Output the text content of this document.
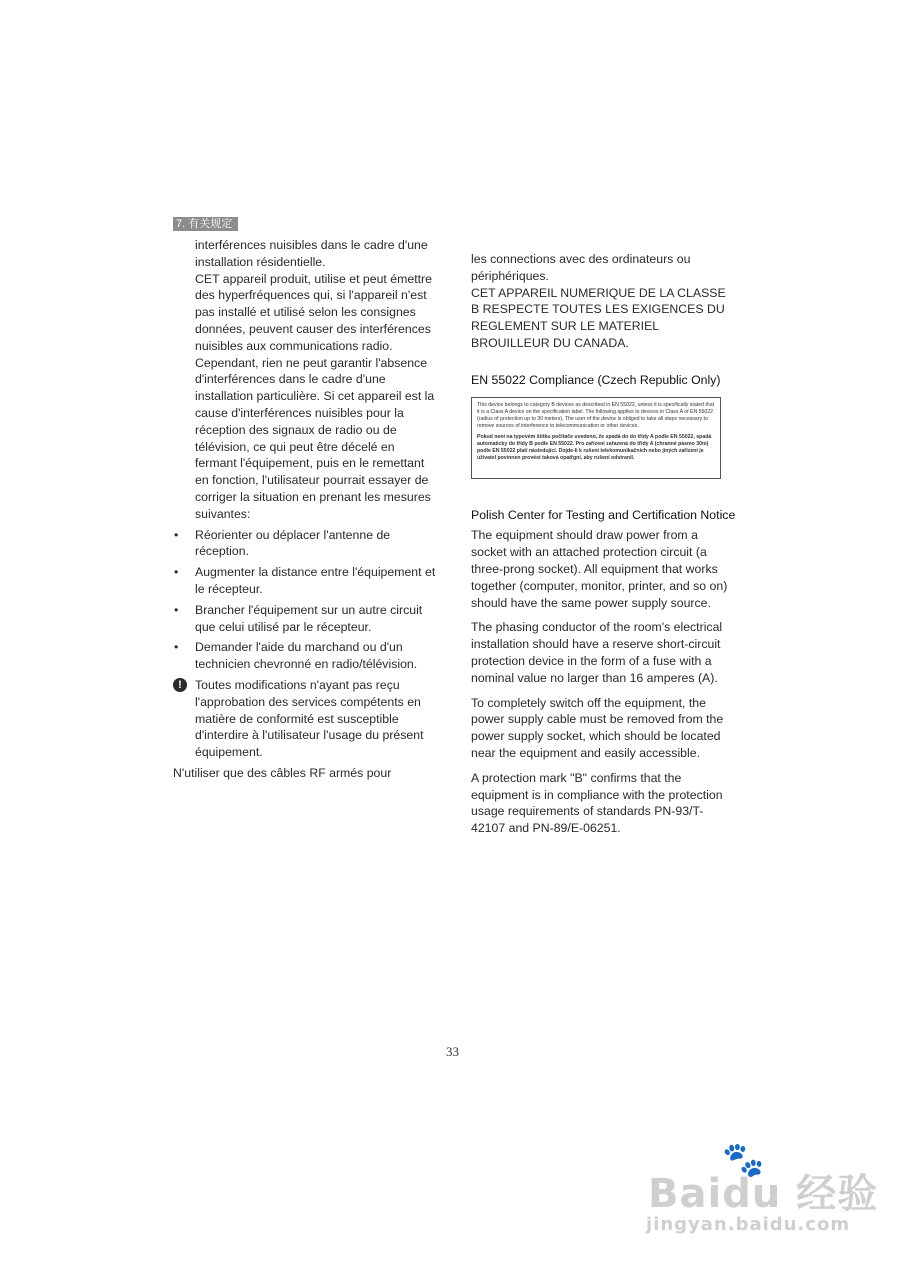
7. 有关规定

interférences nuisibles dans le cadre d'une installation résidentielle.

CET appareil produit, utilise et peut émettre des hyperfréquences qui, si l'appareil n'est pas installé et utilisé selon les consignes données, peuvent causer des interférences nuisibles aux communications radio.

Cependant, rien ne peut garantir l'absence d'interférences dans le cadre d'une installation particulière. Si cet appareil est la cause d'interférences nuisibles pour la réception des signaux de radio ou de télévision, ce qui peut être décelé en fermant l'équipement, puis en le remettant en fonction, l'utilisateur pourrait essayer de corriger la situation en prenant les mesures suivantes:

• Réorienter ou déplacer l'antenne de réception.
• Augmenter la distance entre l'équipement et le récepteur.
• Brancher l'équipement sur un autre circuit que celui utilisé par le récepteur.
• Demander l'aide du marchand ou d'un technicien chevronné en radio/télévision.
!	Toutes modifications n'ayant pas reçu l'approbation des services compétents en matière de conformité est susceptible d'interdire à l'utilisateur l'usage du présent équipement.

N'utiliser que des câbles RF armés pour

les connections avec des ordinateurs ou périphériques.

CET APPAREIL NUMERIQUE DE LA CLASSE B RESPECTE TOUTES LES EXIGENCES DU REGLEMENT SUR LE MATERIEL BROUILLEUR DU CANADA.

EN 55022 Compliance (Czech Republic Only)

This device belongs to category B devices as described in EN 55022, unless it is specifically stated that it is a Class A device on the specification label. The following applies to devices in Class A of EN 55022 (radius of protection up to 30 meters). The user of the device is obliged to take all steps necessary to remove sources of interference to telecommunication or other devices.
Pokud není na typovém štítku počítače uvedeno, že spadá do do třídy A podle EN 55022, spadá automaticky do třídy B podle EN 55022. Pro zařízení zařazená do třídy A (chranné pásmo 30m) podle EN 55022 platí následující. Dojde-li k rušení telekomunikačních nebo jiných zařízení je uživatel povinnen provést taková opatřgní, aby rušení odstranil.

Polish Center for Testing and Certification Notice

The equipment should draw power from a socket with an attached protection circuit (a three-prong socket). All equipment that works together (computer, monitor, printer, and so on) should have the same power supply source.

The phasing conductor of the room's electrical installation should have a reserve short-circuit protection device in the form of a fuse with a nominal value no larger than 16 amperes (A).

To completely switch off the equipment, the power supply cable must be removed from the power supply socket, which should be located near the equipment and easily accessible.

A protection mark "B" confirms that the equipment is in compliance with the protection usage requirements of standards PN-93/T-42107 and PN-89/E-06251.

33
🐾
Baidu 经验
jingyan.baidu.com
